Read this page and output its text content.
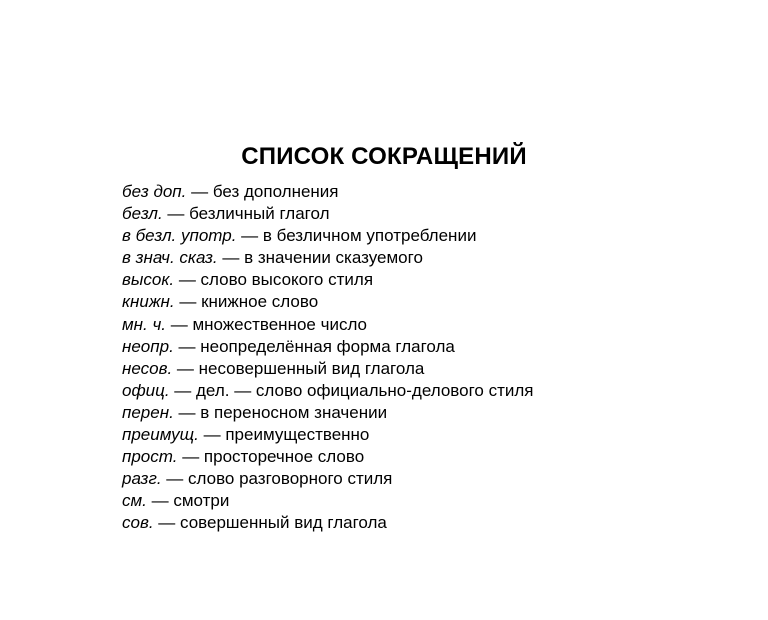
СПИСОК СОКРАЩЕНИЙ
без доп. — без дополнения
безл. — безличный глагол
в безл. употр. — в безличном употреблении
в знач. сказ. — в значении сказуемого
высок. — слово высокого стиля
книжн. — книжное слово
мн. ч. — множественное число
неопр. — неопределённая форма глагола
несов. — несовершенный вид глагола
офиц. — дел. — слово официально-делового стиля
перен. — в переносном значении
преимущ. — преимущественно
прост. — просторечное слово
разг. — слово разговорного стиля
см. — смотри
сов. — совершенный вид глагола
